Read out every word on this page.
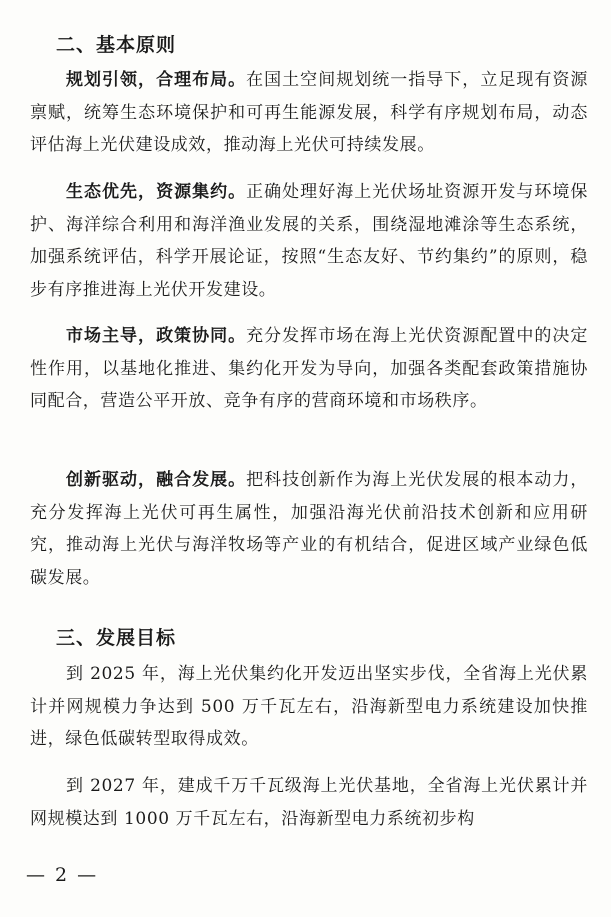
二、基本原则

规划引领，合理布局。在国土空间规划统一指导下，立足现有资源禀赋，统筹生态环境保护和可再生能源发展，科学有序规划布局，动态评估海上光伏建设成效，推动海上光伏可持续发展。

生态优先，资源集约。正确处理好海上光伏场址资源开发与环境保护、海洋综合利用和海洋渔业发展的关系，围绕湿地滩涂等生态系统，加强系统评估，科学开展论证，按照“生态友好、节约集约”的原则，稳步有序推进海上光伏开发建设。

市场主导，政策协同。充分发挥市场在海上光伏资源配置中的决定性作用，以基地化推进、集约化开发为导向，加强各类配套政策措施协同配合，营造公平开放、竞争有序的营商环境和市场秩序。

创新驱动，融合发展。把科技创新作为海上光伏发展的根本动力，充分发挥海上光伏可再生属性，加强沿海光伏前沿技术创新和应用研究，推动海上光伏与海洋牧场等产业的有机结合，促进区域产业绿色低碳发展。

三、发展目标

到 2025 年，海上光伏集约化开发迈出坚实步伐，全省海上光伏累计并网规模力争达到 500 万千瓦左右，沿海新型电力系统建设加快推进，绿色低碳转型取得成效。

到 2027 年，建成千万千瓦级海上光伏基地，全省海上光伏累计并网规模达到 1000 万千瓦左右，沿海新型电力系统初步构

— 2 —
